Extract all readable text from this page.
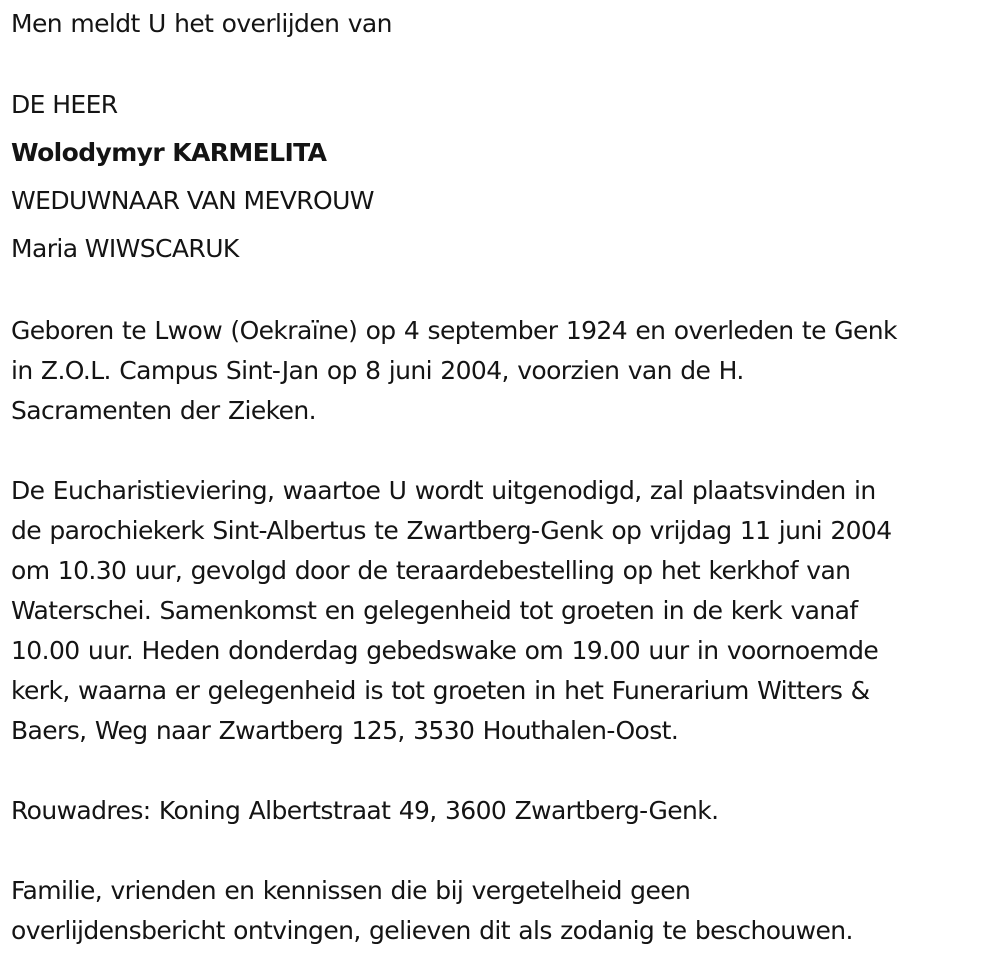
Men meldt U het overlijden van
DE HEER
Wolodymyr KARMELITA
WEDUWNAAR VAN MEVROUW
Maria WIWSCARUK
Geboren te Lwow (Oekraïne) op 4 september 1924 en overleden te Genk
in Z.O.L. Campus Sint-Jan op 8 juni 2004, voorzien van de H.
Sacramenten der Zieken.
De Eucharistieviering, waartoe U wordt uitgenodigd, zal plaatsvinden in
de parochiekerk Sint-Albertus te Zwartberg-Genk op vrijdag 11 juni 2004
om 10.30 uur, gevolgd door de teraardebestelling op het kerkhof van
Waterschei. Samenkomst en gelegenheid tot groeten in de kerk vanaf
10.00 uur. Heden donderdag gebedswake om 19.00 uur in voornoemde
kerk, waarna er gelegenheid is tot groeten in het Funerarium Witters &
Baers, Weg naar Zwartberg 125, 3530 Houthalen-Oost.
Rouwadres: Koning Albertstraat 49, 3600 Zwartberg-Genk.
Familie, vrienden en kennissen die bij vergetelheid geen
overlijdensbericht ontvingen, gelieven dit als zodanig te beschouwen.
